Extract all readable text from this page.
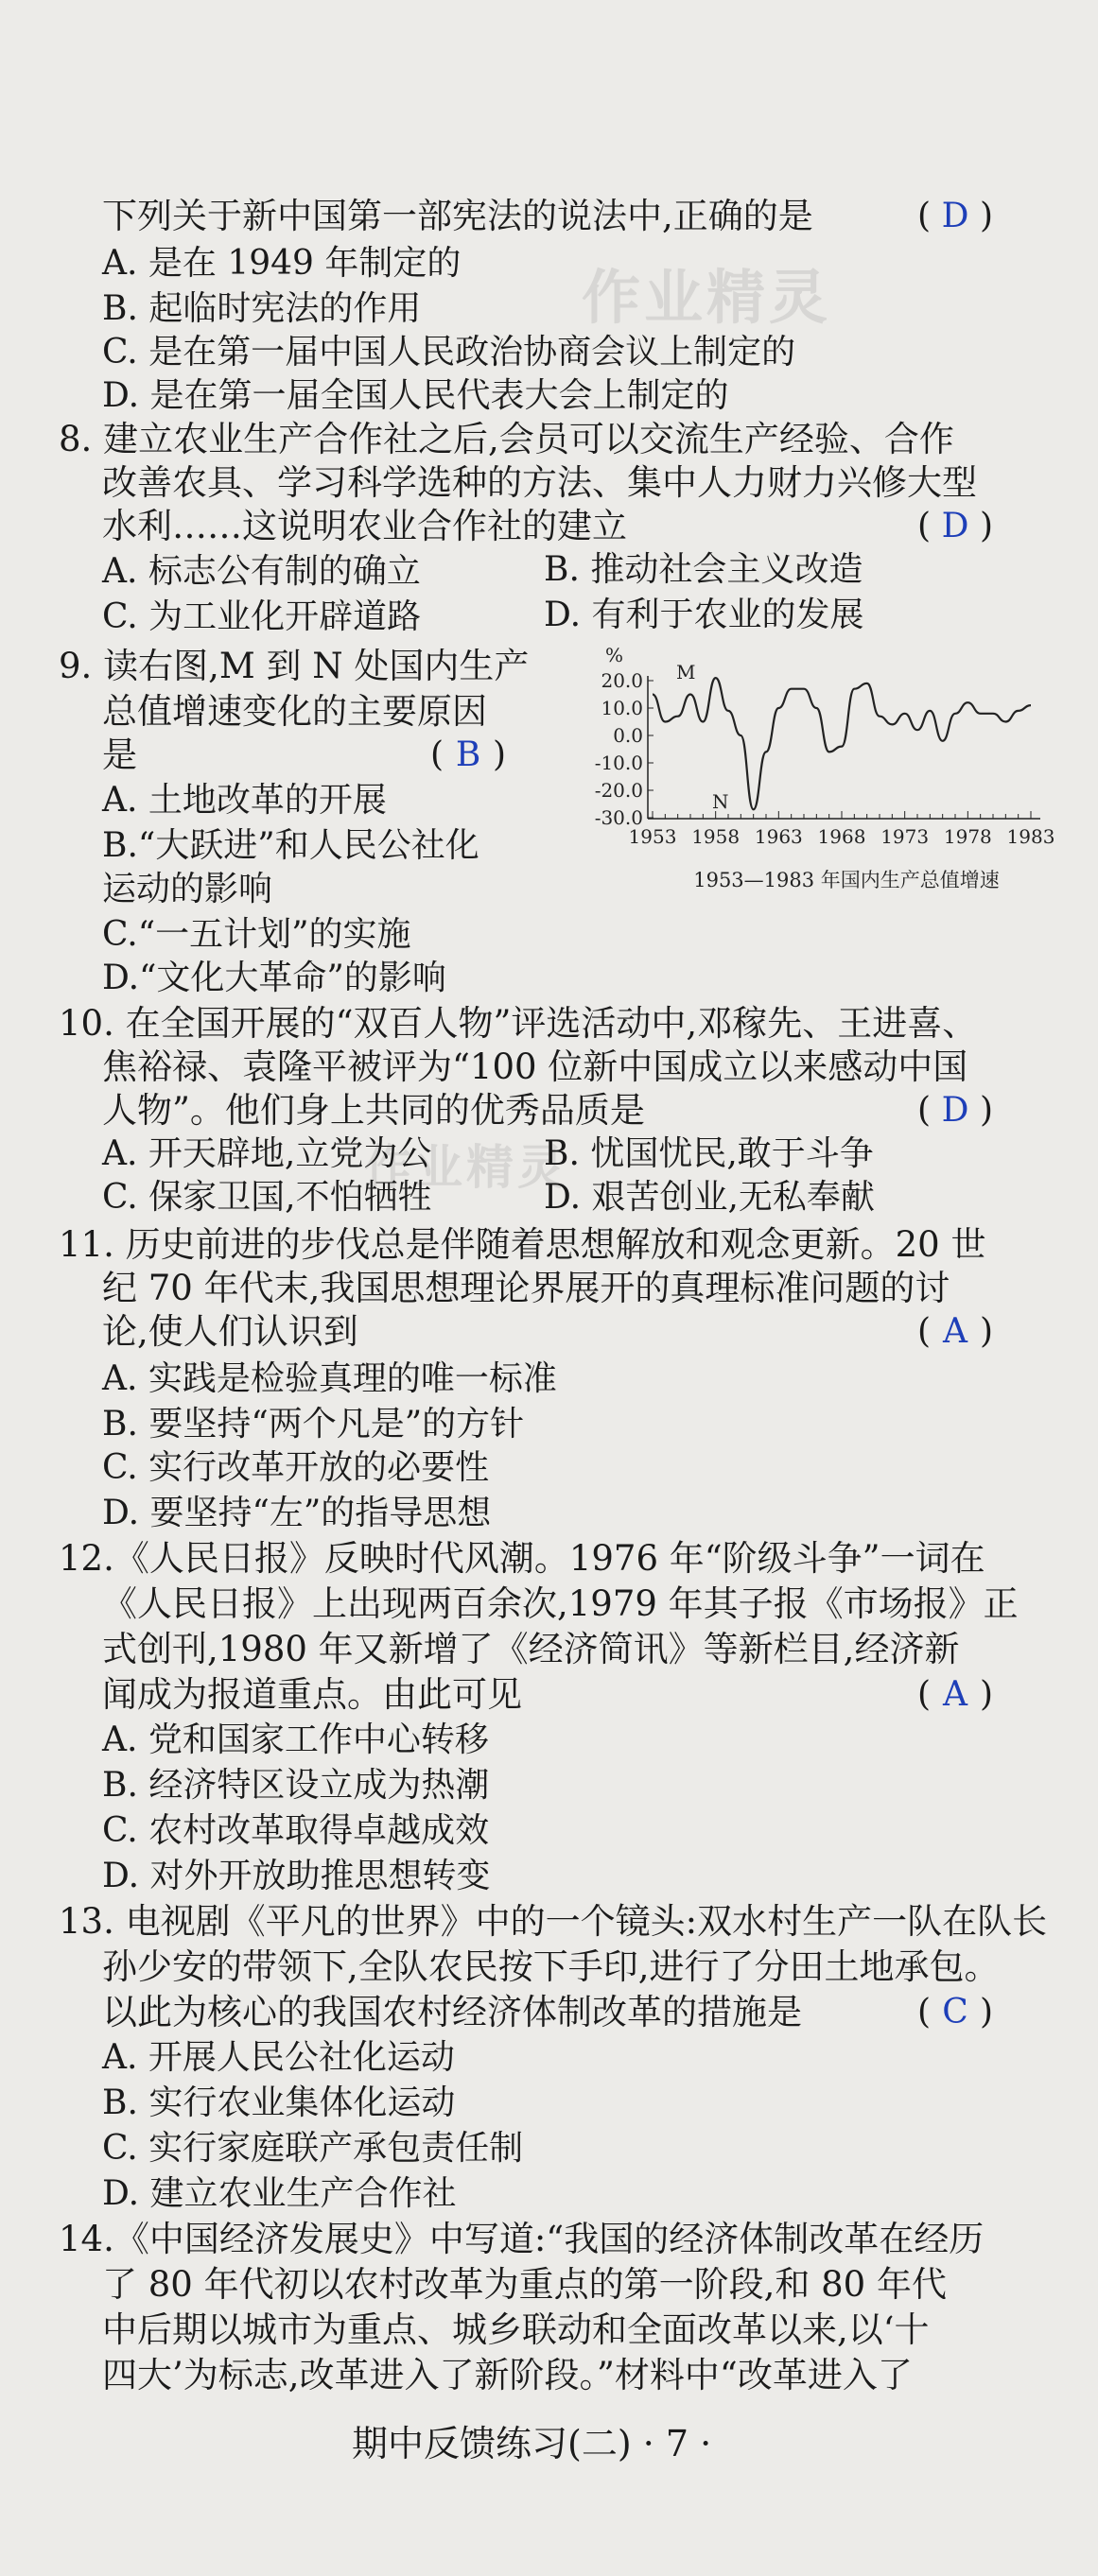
作业精灵
作业精灵
下列关于新中国第一部宪法的说法中,正确的是	( D )
A. 是在 1949 年制定的
B. 起临时宪法的作用
C. 是在第一届中国人民政治协商会议上制定的
D. 是在第一届全国人民代表大会上制定的
8. 建立农业生产合作社之后,会员可以交流生产经验、合作
改善农具、学习科学选种的方法、集中人力财力兴修大型
水利……这说明农业合作社的建立	( D )
A. 标志公有制的确立	B. 推动社会主义改造
C. 为工业化开辟道路	D. 有利于农业的发展
9. 读右图,M 到 N 处国内生产
总值增速变化的主要原因
是	( B )
A. 土地改革的开展
B.“大跃进”和人民公社化
运动的影响
C.“一五计划”的实施
D.“文化大革命”的影响
%
20.0
10.0
0.0
-10.0
-20.0
-30.0
1953 1958 1963 1968 1973 1978 1983
M
N
1953—1983 年国内生产总值增速
10. 在全国开展的“双百人物”评选活动中,邓稼先、王进喜、
焦裕禄、袁隆平被评为“100 位新中国成立以来感动中国
人物”。他们身上共同的优秀品质是	( D )
A. 开天辟地,立党为公	B. 忧国忧民,敢于斗争
C. 保家卫国,不怕牺牲	D. 艰苦创业,无私奉献
11. 历史前进的步伐总是伴随着思想解放和观念更新。20 世
纪 70 年代末,我国思想理论界展开的真理标准问题的讨
论,使人们认识到	( A )
A. 实践是检验真理的唯一标准
B. 要坚持“两个凡是”的方针
C. 实行改革开放的必要性
D. 要坚持“左”的指导思想
12.《人民日报》反映时代风潮。1976 年“阶级斗争”一词在
《人民日报》上出现两百余次,1979 年其子报《市场报》正
式创刊,1980 年又新增了《经济简讯》等新栏目,经济新
闻成为报道重点。由此可见	( A )
A. 党和国家工作中心转移
B. 经济特区设立成为热潮
C. 农村改革取得卓越成效
D. 对外开放助推思想转变
13. 电视剧《平凡的世界》中的一个镜头:双水村生产一队在队长
孙少安的带领下,全队农民按下手印,进行了分田土地承包。
以此为核心的我国农村经济体制改革的措施是	( C )
A. 开展人民公社化运动
B. 实行农业集体化运动
C. 实行家庭联产承包责任制
D. 建立农业生产合作社
14.《中国经济发展史》中写道:“我国的经济体制改革在经历
了 80 年代初以农村改革为重点的第一阶段,和 80 年代
中后期以城市为重点、城乡联动和全面改革以来,以‘十
四大’为标志,改革进入了新阶段。”材料中“改革进入了
期中反馈练习(二) · 7 ·
